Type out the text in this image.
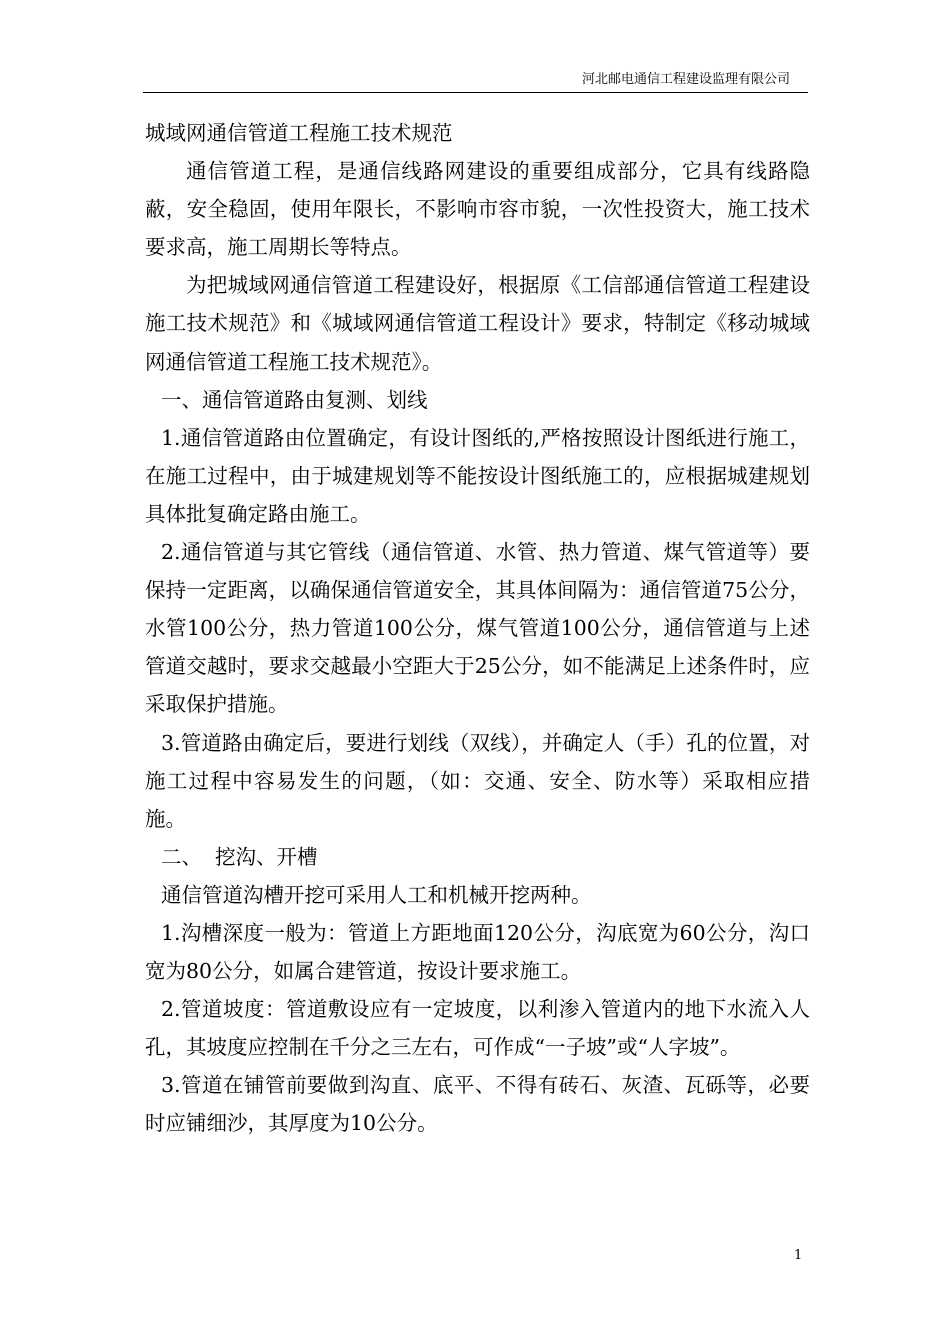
河北邮电通信工程建设监理有限公司

城域网通信管道工程施工技术规范

通信管道工程，是通信线路网建设的重要组成部分，它具有线路隐蔽，安全稳固，使用年限长，不影响市容市貌，一次性投资大，施工技术要求高，施工周期长等特点。

为把城域网通信管道工程建设好，根据原《工信部通信管道工程建设施工技术规范》和《城域网通信管道工程设计》要求，特制定《移动城域网通信管道工程施工技术规范》。

一、通信管道路由复测、划线

1.通信管道路由位置确定，有设计图纸的,严格按照设计图纸进行施工，在施工过程中，由于城建规划等不能按设计图纸施工的，应根据城建规划具体批复确定路由施工。

2.通信管道与其它管线（通信管道、水管、热力管道、煤气管道等）要保持一定距离，以确保通信管道安全，其具体间隔为：通信管道75公分，水管100公分，热力管道100公分，煤气管道100公分，通信管道与上述管道交越时，要求交越最小空距大于25公分，如不能满足上述条件时，应采取保护措施。

3.管道路由确定后，要进行划线（双线），并确定人（手）孔的位置，对施工过程中容易发生的问题，（如：交通、安全、防水等）采取相应措施。

二、  挖沟、开槽

通信管道沟槽开挖可采用人工和机械开挖两种。

1.沟槽深度一般为：管道上方距地面120公分，沟底宽为60公分，沟口宽为80公分，如属合建管道，按设计要求施工。

2.管道坡度：管道敷设应有一定坡度，以利渗入管道内的地下水流入人孔，其坡度应控制在千分之三左右，可作成“一子坡”或“人字坡”。

3.管道在铺管前要做到沟直、底平、不得有砖石、灰渣、瓦砾等，必要时应铺细沙，其厚度为10公分。

1
